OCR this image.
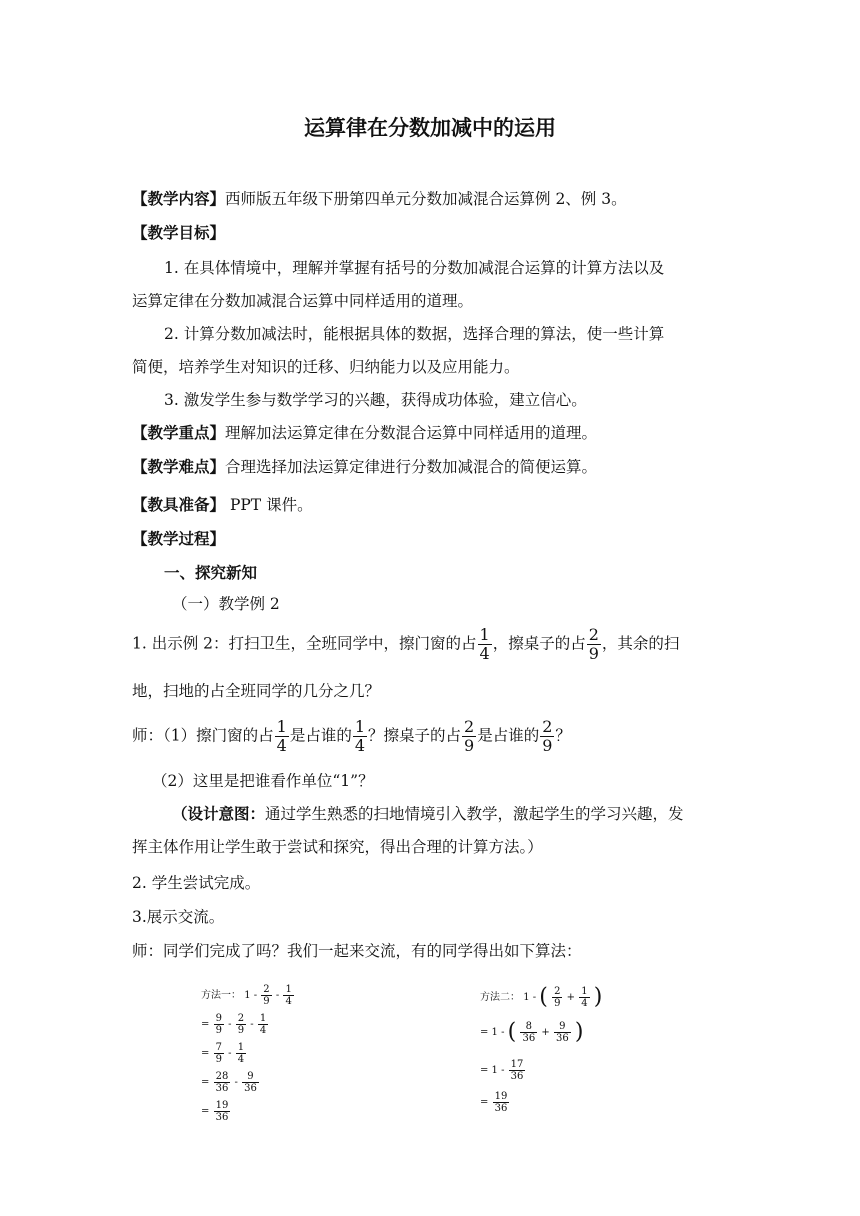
运算律在分数加减中的运用
【教学内容】西师版五年级下册第四单元分数加减混合运算例 2、例 3。
【教学目标】
1. 在具体情境中，理解并掌握有括号的分数加减混合运算的计算方法以及
运算定律在分数加减混合运算中同样适用的道理。
2. 计算分数加减法时，能根据具体的数据，选择合理的算法，使一些计算
简便，培养学生对知识的迁移、归纳能力以及应用能力。
3. 激发学生参与数学学习的兴趣，获得成功体验，建立信心。
【教学重点】理解加法运算定律在分数混合运算中同样适用的道理。
【教学难点】合理选择加法运算定律进行分数加减混合的简便运算。
【教具准备】 PPT 课件。
【教学过程】
一、探究新知
（一）教学例 2
1. 出示例 2：打扫卫生，全班同学中，擦门窗的占 $\frac{1}{4}$ ，擦桌子的占 $\frac{2}{9}$ ，其余的扫
地，扫地的占全班同学的几分之几？
师：（1）擦门窗的占 $\frac{1}{4}$ 是占谁的 $\frac{1}{4}$ ？擦桌子的占 $\frac{2}{9}$ 是占谁的 $\frac{2}{9}$ ？
（2）这里是把谁看作单位“1”？
（设计意图：通过学生熟悉的扫地情境引入教学，激起学生的学习兴趣，发
挥主体作用让学生敢于尝试和探究，得出合理的计算方法。）
2. 学生尝试完成。
3.展示交流。
师：同学们完成了吗？我们一起来交流，有的同学得出如下算法：
方法一： $1 - \frac{2}{9} - \frac{1}{4}$
= $\frac{9}{9} - \frac{2}{9} - \frac{1}{4}$
= $\frac{7}{9} - \frac{1}{4}$
= $\frac{28}{36} - \frac{9}{36}$
= $\frac{19}{36}$
方法二： 1 - ( $\frac{2}{9} + \frac{1}{4}$ )
= 1 - ( $\frac{8}{36} + \frac{9}{36}$ )
= $1 - \frac{17}{36}$
= $\frac{19}{36}$
